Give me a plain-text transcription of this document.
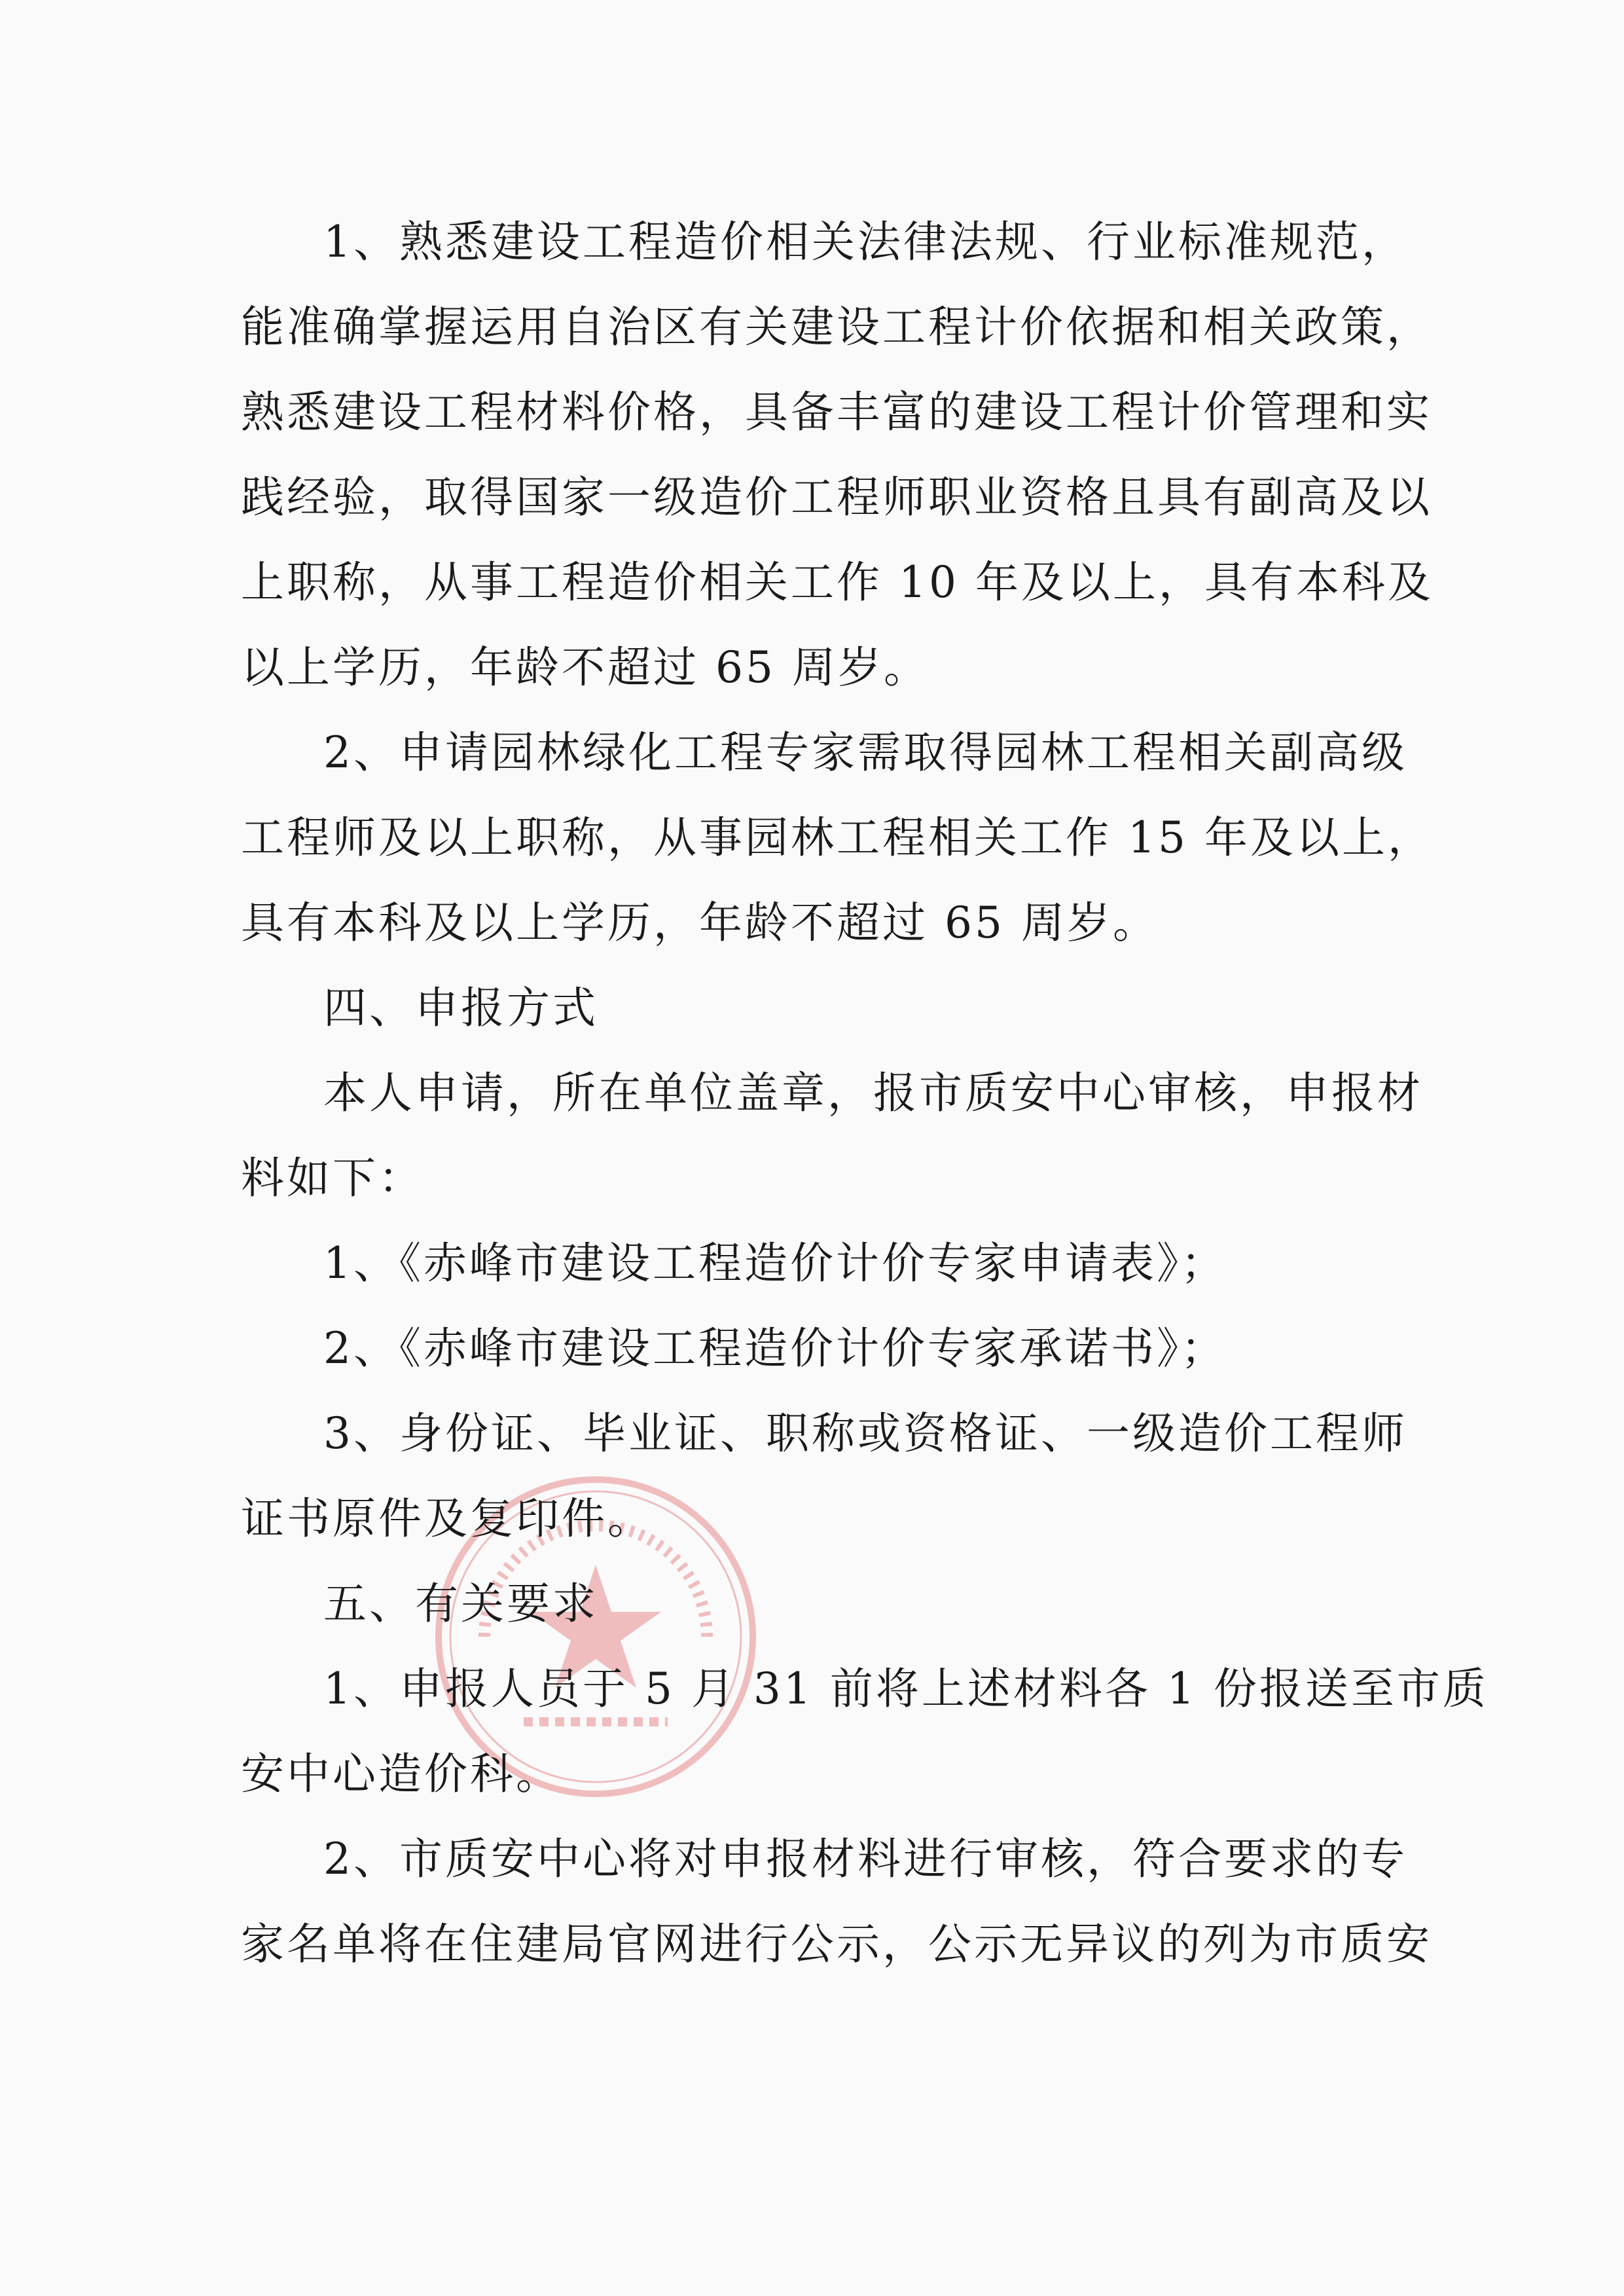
1、熟悉建设工程造价相关法律法规、行业标准规范，
能准确掌握运用自治区有关建设工程计价依据和相关政策，
熟悉建设工程材料价格，具备丰富的建设工程计价管理和实
践经验，取得国家一级造价工程师职业资格且具有副高及以
上职称，从事工程造价相关工作 10 年及以上，具有本科及
以上学历，年龄不超过 65 周岁。
2、申请园林绿化工程专家需取得园林工程相关副高级
工程师及以上职称，从事园林工程相关工作 15 年及以上，
具有本科及以上学历，年龄不超过 65 周岁。
四、申报方式
本人申请，所在单位盖章，报市质安中心审核，申报材
料如下：
1、《赤峰市建设工程造价计价专家申请表》；
2、《赤峰市建设工程造价计价专家承诺书》；
3、身份证、毕业证、职称或资格证、一级造价工程师
证书原件及复印件。
五、有关要求
1、申报人员于 5 月 31 前将上述材料各 1 份报送至市质
安中心造价科。
2、市质安中心将对申报材料进行审核，符合要求的专
家名单将在住建局官网进行公示，公示无异议的列为市质安
